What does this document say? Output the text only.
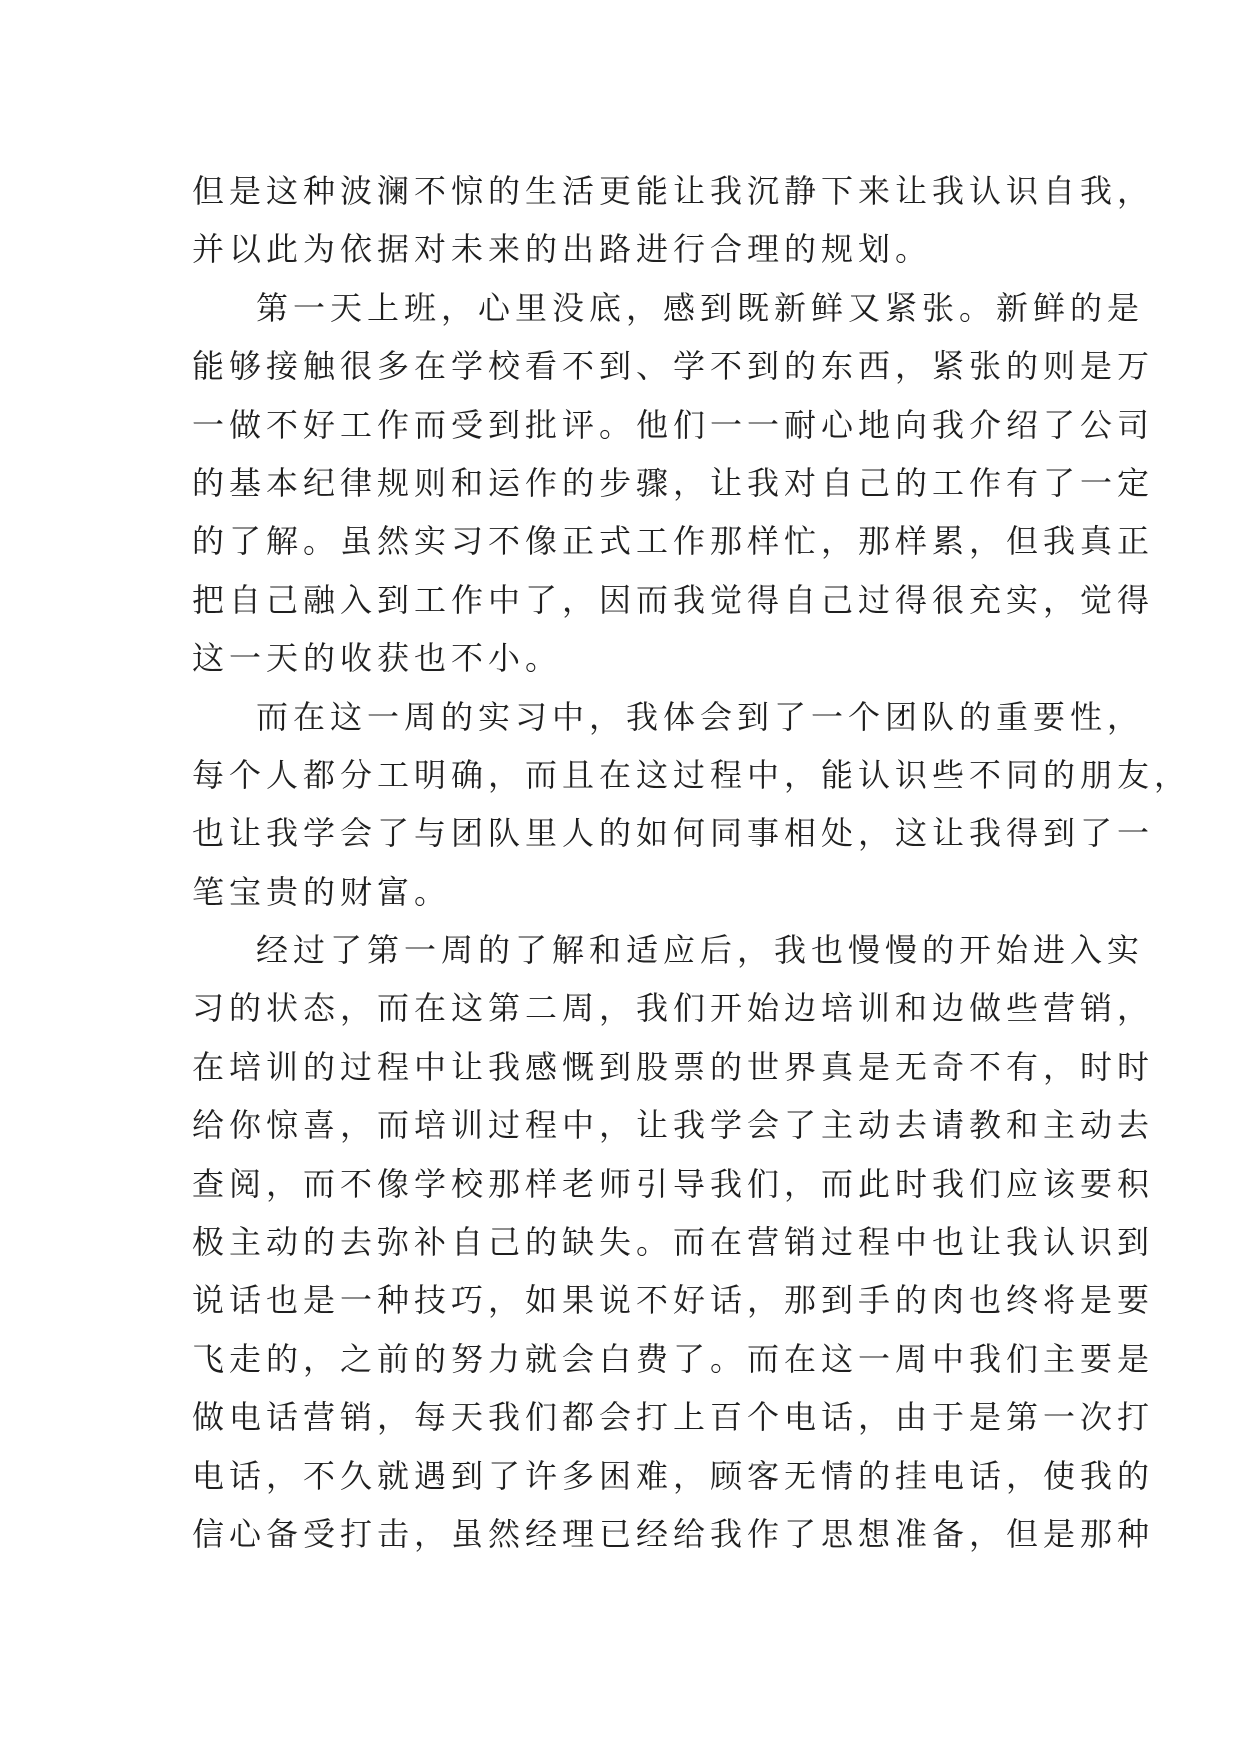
但是这种波澜不惊的生活更能让我沉静下来让我认识自我，
并以此为依据对未来的出路进行合理的规划。
第一天上班，心里没底，感到既新鲜又紧张。新鲜的是
能够接触很多在学校看不到、学不到的东西，紧张的则是万
一做不好工作而受到批评。他们一一耐心地向我介绍了公司
的基本纪律规则和运作的步骤，让我对自己的工作有了一定
的了解。虽然实习不像正式工作那样忙，那样累，但我真正
把自己融入到工作中了，因而我觉得自己过得很充实，觉得
这一天的收获也不小。
而在这一周的实习中，我体会到了一个团队的重要性，
每个人都分工明确，而且在这过程中，能认识些不同的朋友，
也让我学会了与团队里人的如何同事相处，这让我得到了一
笔宝贵的财富。
经过了第一周的了解和适应后，我也慢慢的开始进入实
习的状态，而在这第二周，我们开始边培训和边做些营销，
在培训的过程中让我感慨到股票的世界真是无奇不有，时时
给你惊喜，而培训过程中，让我学会了主动去请教和主动去
查阅，而不像学校那样老师引导我们，而此时我们应该要积
极主动的去弥补自己的缺失。而在营销过程中也让我认识到
说话也是一种技巧，如果说不好话，那到手的肉也终将是要
飞走的，之前的努力就会白费了。而在这一周中我们主要是
做电话营销，每天我们都会打上百个电话，由于是第一次打
电话，不久就遇到了许多困难，顾客无情的挂电话，使我的
信心备受打击，虽然经理已经给我作了思想准备，但是那种
